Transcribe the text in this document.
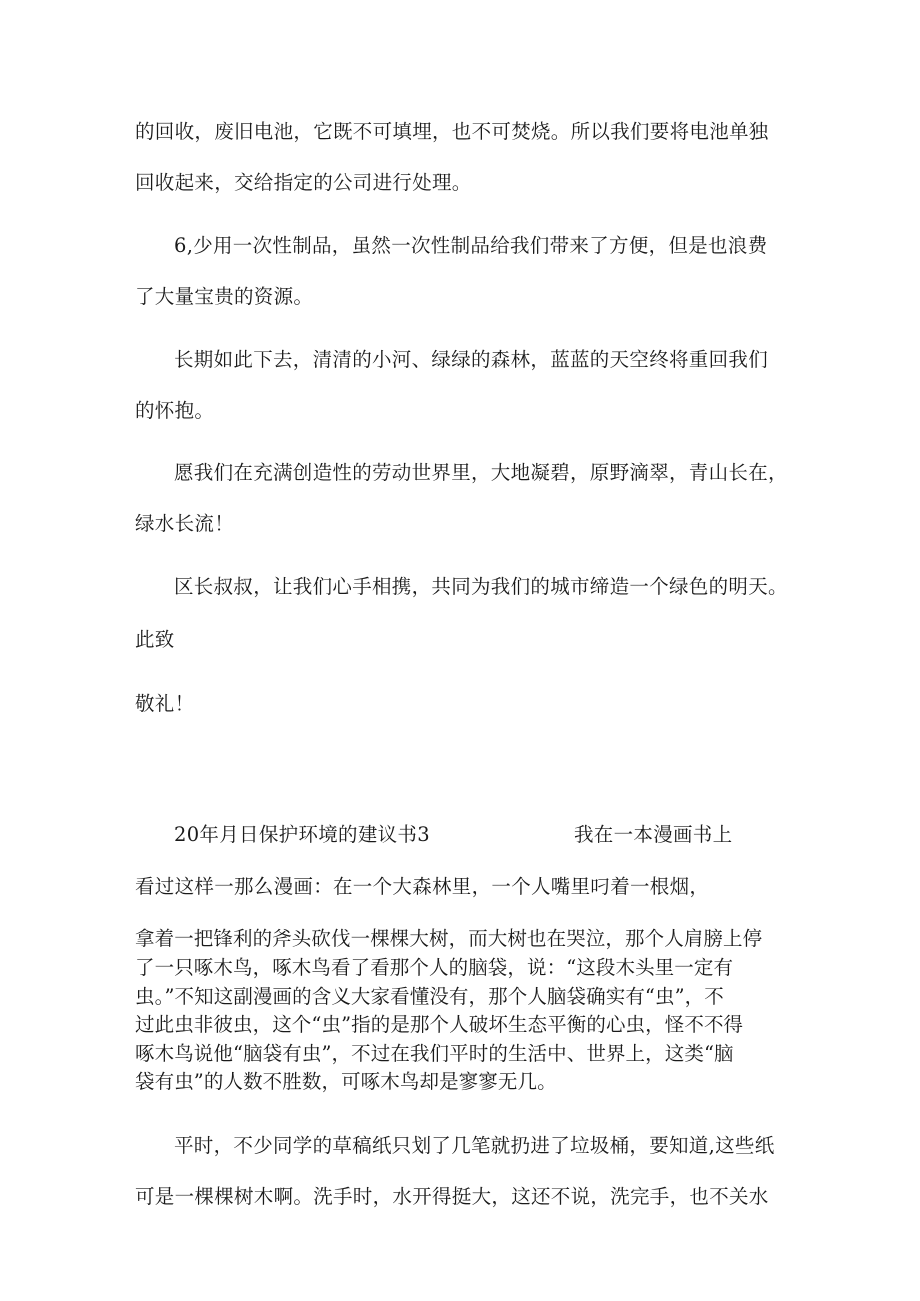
的回收，废旧电池，它既不可填埋，也不可焚烧。所以我们要将电池单独
回收起来，交给指定的公司进行处理。
6,少用一次性制品，虽然一次性制品给我们带来了方便，但是也浪费
了大量宝贵的资源。
长期如此下去，清清的小河、绿绿的森林，蓝蓝的天空终将重回我们
的怀抱。
愿我们在充满创造性的劳动世界里，大地凝碧，原野滴翠，青山长在，
绿水长流！
区长叔叔，让我们心手相携，共同为我们的城市缔造一个绿色的明天。
此致
敬礼！
20年月日保护环境的建议书3	我在一本漫画书上
看过这样一那么漫画：在一个大森林里，一个人嘴里叼着一根烟，
拿着一把锋利的斧头砍伐一棵棵大树，而大树也在哭泣，那个人肩膀上停
了一只啄木鸟，啄木鸟看了看那个人的脑袋，说：“这段木头里一定有
虫。”不知这副漫画的含义大家看懂没有，那个人脑袋确实有“虫”，不
过此虫非彼虫，这个“虫”指的是那个人破坏生态平衡的心虫，怪不不得
啄木鸟说他“脑袋有虫”，不过在我们平时的生活中、世界上，这类“脑
袋有虫”的人数不胜数，可啄木鸟却是寥寥无几。
平时，不少同学的草稿纸只划了几笔就扔进了垃圾桶，要知道,这些纸
可是一棵棵树木啊。洗手时，水开得挺大，这还不说，洗完手，也不关水
